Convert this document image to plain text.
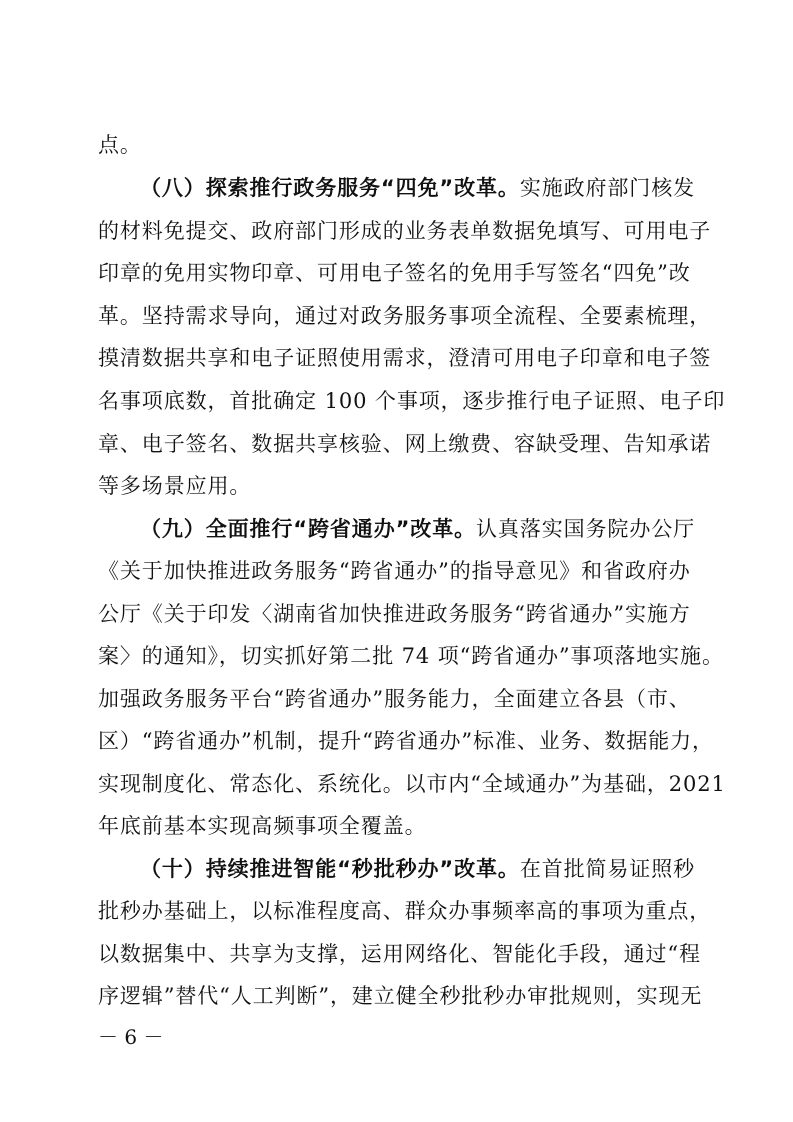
点。
（八）探索推行政务服务“四免”改革。实施政府部门核发
的材料免提交、政府部门形成的业务表单数据免填写、可用电子
印章的免用实物印章、可用电子签名的免用手写签名“四免”改
革。坚持需求导向，通过对政务服务事项全流程、全要素梳理，
摸清数据共享和电子证照使用需求，澄清可用电子印章和电子签
名事项底数，首批确定 100 个事项，逐步推行电子证照、电子印
章、电子签名、数据共享核验、网上缴费、容缺受理、告知承诺
等多场景应用。
（九）全面推行“跨省通办”改革。认真落实国务院办公厅
《关于加快推进政务服务“跨省通办”的指导意见》和省政府办
公厅《关于印发〈湖南省加快推进政务服务“跨省通办”实施方
案〉的通知》，切实抓好第二批 74 项“跨省通办”事项落地实施。
加强政务服务平台“跨省通办”服务能力，全面建立各县（市、
区）“跨省通办”机制，提升“跨省通办”标准、业务、数据能力，
实现制度化、常态化、系统化。以市内“全域通办”为基础，2021
年底前基本实现高频事项全覆盖。
（十）持续推进智能“秒批秒办”改革。在首批简易证照秒
批秒办基础上，以标准程度高、群众办事频率高的事项为重点，
以数据集中、共享为支撑，运用网络化、智能化手段，通过“程
序逻辑”替代“人工判断”，建立健全秒批秒办审批规则，实现无
－ 6 －
